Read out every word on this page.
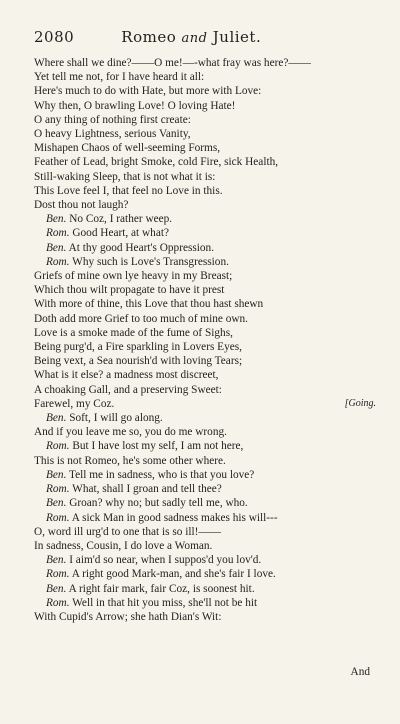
2080	Romeo and Juliet.
Where shall we dine?——O me!—-what fray was here?——
Yet tell me not, for I have heard it all:
Here's much to do with Hate, but more with Love:
Why then, O brawling Love! O loving Hate!
O any thing of nothing first create:
O heavy Lightness, serious Vanity,
Mishapen Chaos of well-seeming Forms,
Feather of Lead, bright Smoke, cold Fire, sick Health,
Still-waking Sleep, that is not what it is:
This Love feel I, that feel no Love in this.
Dost thou not laugh?
Ben. No Coz, I rather weep.
Rom. Good Heart, at what?
Ben. At thy good Heart's Oppression.
Rom. Why such is Love's Transgression.
Griefs of mine own lye heavy in my Breast;
Which thou wilt propagate to have it prest
With more of thine, this Love that thou hast shewn
Doth add more Grief to too much of mine own.
Love is a smoke made of the fume of Sighs,
Being purg'd, a Fire sparkling in Lovers Eyes,
Being vext, a Sea nourish'd with loving Tears;
What is it else? a madness most discreet,
A choaking Gall, and a preserving Sweet:
Farewel, my Coz.	[Going.
Ben. Soft, I will go along.
And if you leave me so, you do me wrong.
Rom. But I have lost my self, I am not here,
This is not Romeo, he's some other where.
Ben. Tell me in sadness, who is that you love?
Rom. What, shall I groan and tell thee?
Ben. Groan? why no; but sadly tell me, who.
Rom. A sick Man in good sadness makes his will---
O, word ill urg'd to one that is so ill!——
In sadness, Cousin, I do love a Woman.
Ben. I aim'd so near, when I suppos'd you lov'd.
Rom. A right good Mark-man, and she's fair I love.
Ben. A right fair mark, fair Coz, is soonest hit.
Rom. Well in that hit you miss, she'll not be hit
With Cupid's Arrow; she hath Dian's Wit:
And
